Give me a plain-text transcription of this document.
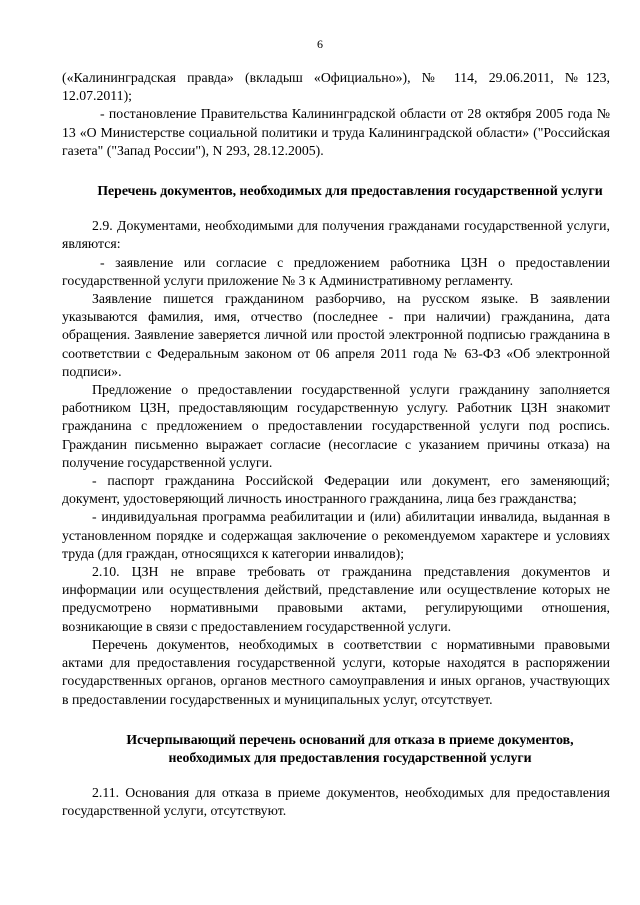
6

(«Калининградская правда» (вкладыш «Официально»), № 114, 29.06.2011, №123, 12.07.2011);

- постановление Правительства Калининградской области от 28 октября 2005 года № 13 «О Министерстве социальной политики и труда Калининградской области» ("Российская газета" ("Запад России"), N 293, 28.12.2005).

Перечень документов, необходимых для предоставления государственной услуги

2.9. Документами, необходимыми для получения гражданами государственной услуги, являются:

- заявление или согласие с предложением работника ЦЗН о предоставлении государственной услуги приложение № 3 к Административному регламенту.

Заявление пишется гражданином разборчиво, на русском языке. В заявлении указываются фамилия, имя, отчество (последнее - при наличии) гражданина, дата обращения. Заявление заверяется личной или простой электронной подписью гражданина в соответствии с Федеральным законом от 06 апреля 2011 года № 63-ФЗ «Об электронной подписи».

Предложение о предоставлении государственной услуги гражданину заполняется работником ЦЗН, предоставляющим государственную услугу. Работник ЦЗН знакомит гражданина с предложением о предоставлении государственной услуги под роспись. Гражданин письменно выражает согласие (несогласие с указанием причины отказа) на получение государственной услуги.

- паспорт гражданина Российской Федерации или документ, его заменяющий; документ, удостоверяющий личность иностранного гражданина, лица без гражданства;

- индивидуальная программа реабилитации и (или) абилитации инвалида, выданная в установленном порядке и содержащая заключение о рекомендуемом характере и условиях труда (для граждан, относящихся к категории инвалидов);

2.10. ЦЗН не вправе требовать от гражданина представления документов и информации или осуществления действий, представление или осуществление которых не предусмотрено нормативными правовыми актами, регулирующими отношения, возникающие в связи с предоставлением государственной услуги.

Перечень документов, необходимых в соответствии с нормативными правовыми актами для предоставления государственной услуги, которые находятся в распоряжении государственных органов, органов местного самоуправления и иных органов, участвующих в предоставлении государственных и муниципальных услуг, отсутствует.

Исчерпывающий перечень оснований для отказа в приеме документов, необходимых для предоставления государственной услуги

2.11. Основания для отказа в приеме документов, необходимых для предоставления государственной услуги, отсутствуют.
